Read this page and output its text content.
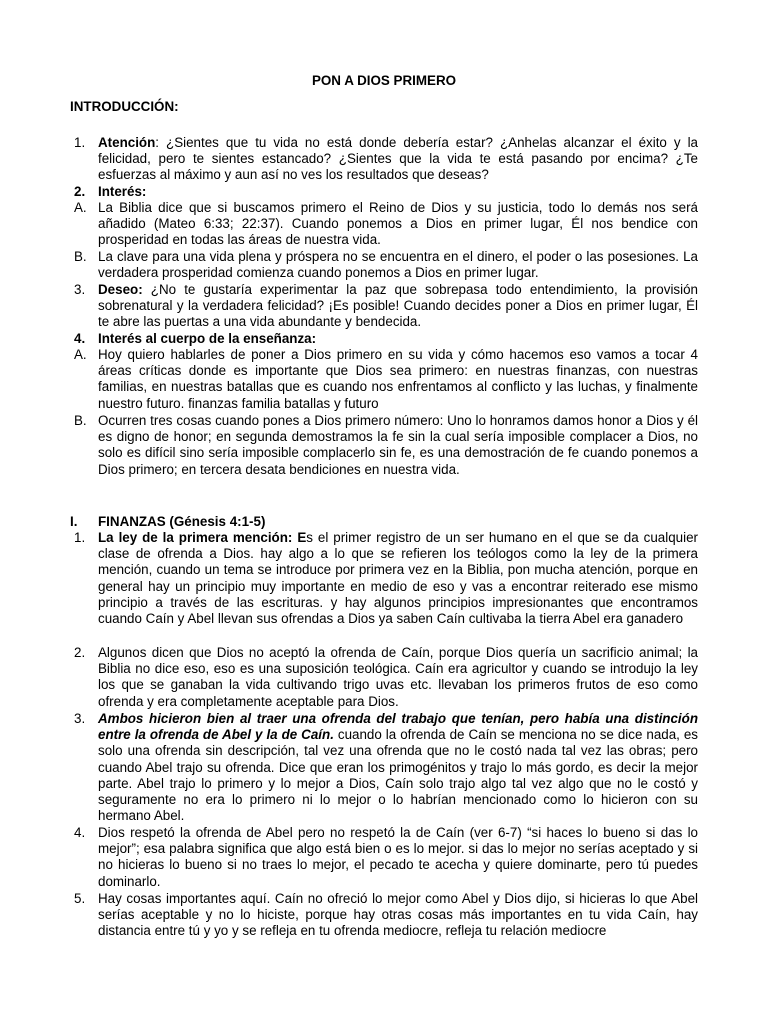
PON A DIOS PRIMERO
INTRODUCCIÓN:
1. Atención: ¿Sientes que tu vida no está donde debería estar? ¿Anhelas alcanzar el éxito y la felicidad, pero te sientes estancado? ¿Sientes que la vida te está pasando por encima? ¿Te esfuerzas al máximo y aun así no ves los resultados que deseas?
2. Interés:
A. La Biblia dice que si buscamos primero el Reino de Dios y su justicia, todo lo demás nos será añadido (Mateo 6:33; 22:37). Cuando ponemos a Dios en primer lugar, Él nos bendice con prosperidad en todas las áreas de nuestra vida.
B. La clave para una vida plena y próspera no se encuentra en el dinero, el poder o las posesiones. La verdadera prosperidad comienza cuando ponemos a Dios en primer lugar.
3. Deseo: ¿No te gustaría experimentar la paz que sobrepasa todo entendimiento, la provisión sobrenatural y la verdadera felicidad? ¡Es posible! Cuando decides poner a Dios en primer lugar, Él te abre las puertas a una vida abundante y bendecida.
4. Interés al cuerpo de la enseñanza:
A. Hoy quiero hablarles de poner a Dios primero en su vida y cómo hacemos eso vamos a tocar 4 áreas críticas donde es importante que Dios sea primero: en nuestras finanzas, con nuestras familias, en nuestras batallas que es cuando nos enfrentamos al conflicto y las luchas, y finalmente nuestro futuro. finanzas familia batallas y futuro
B. Ocurren tres cosas cuando pones a Dios primero número: Uno lo honramos damos honor a Dios y él es digno de honor; en segunda demostramos la fe sin la cual sería imposible complacer a Dios, no solo es difícil sino sería imposible complacerlo sin fe, es una demostración de fe cuando ponemos a Dios primero; en tercera desata bendiciones en nuestra vida.
I. FINANZAS (Génesis 4:1-5)
1. La ley de la primera mención: Es el primer registro de un ser humano en el que se da cualquier clase de ofrenda a Dios. hay algo a lo que se refieren los teólogos como la ley de la primera mención, cuando un tema se introduce por primera vez en la Biblia, pon mucha atención, porque en general hay un principio muy importante en medio de eso y vas a encontrar reiterado ese mismo principio a través de las escrituras. y hay algunos principios impresionantes que encontramos cuando Caín y Abel llevan sus ofrendas a Dios ya saben Caín cultivaba la tierra Abel era ganadero
2. Algunos dicen que Dios no aceptó la ofrenda de Caín, porque Dios quería un sacrificio animal; la Biblia no dice eso, eso es una suposición teológica. Caín era agricultor y cuando se introdujo la ley los que se ganaban la vida cultivando trigo uvas etc. llevaban los primeros frutos de eso como ofrenda y era completamente aceptable para Dios.
3. Ambos hicieron bien al traer una ofrenda del trabajo que tenían, pero había una distinción entre la ofrenda de Abel y la de Caín. cuando la ofrenda de Caín se menciona no se dice nada, es solo una ofrenda sin descripción, tal vez una ofrenda que no le costó nada tal vez las obras; pero cuando Abel trajo su ofrenda. Dice que eran los primogénitos y trajo lo más gordo, es decir la mejor parte. Abel trajo lo primero y lo mejor a Dios, Caín solo trajo algo tal vez algo que no le costó y seguramente no era lo primero ni lo mejor o lo habrían mencionado como lo hicieron con su hermano Abel.
4. Dios respetó la ofrenda de Abel pero no respetó la de Caín (ver 6-7) “si haces lo bueno si das lo mejor”; esa palabra significa que algo está bien o es lo mejor. si das lo mejor no serías aceptado y si no hicieras lo bueno si no traes lo mejor, el pecado te acecha y quiere dominarte, pero tú puedes dominarlo.
5. Hay cosas importantes aquí. Caín no ofreció lo mejor como Abel y Dios dijo, si hicieras lo que Abel serías aceptable y no lo hiciste, porque hay otras cosas más importantes en tu vida Caín, hay distancia entre tú y yo y se refleja en tu ofrenda mediocre, refleja tu relación mediocre
